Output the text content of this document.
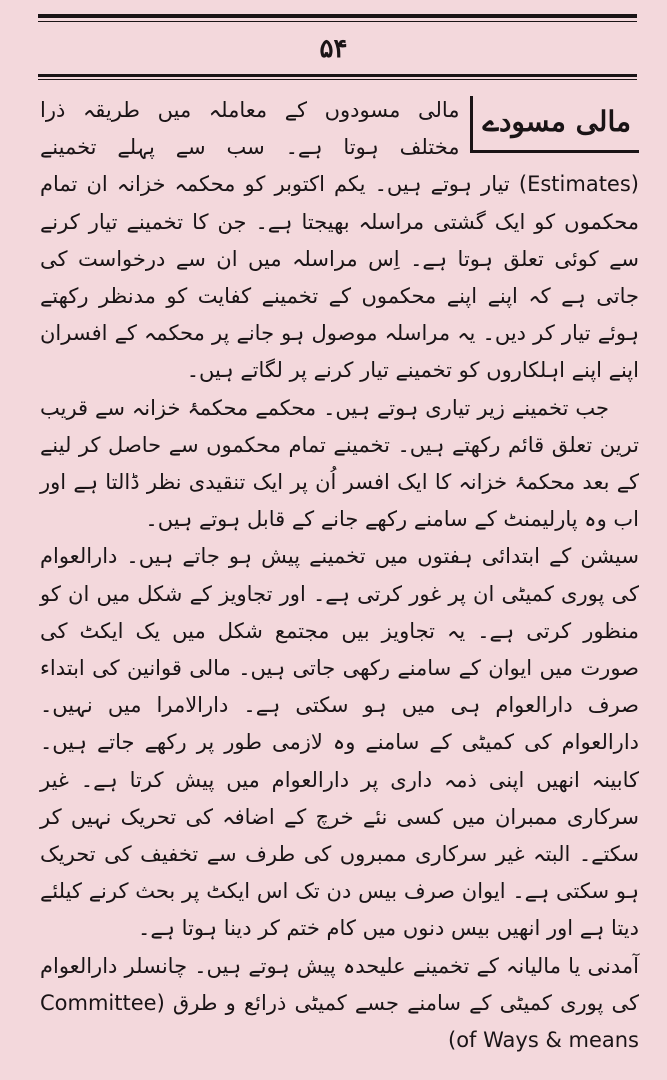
۵۴
مالی مسودے

مالی مسودوں کے معاملہ میں طریقہ ذرا مختلف ہوتا ہے۔ سب سے پہلے تخمینے (Estimates) تیار ہوتے ہیں۔ یکم اکتوبر کو محکمہ خزانہ ان تمام محکموں کو ایک گشتی مراسلہ بھیجتا ہے۔ جن کا تخمینے تیار کرنے سے کوئی تعلق ہوتا ہے۔ اِس مراسلہ میں ان سے درخواست کی جاتی ہے کہ اپنے اپنے محکموں کے تخمینے کفایت کو مدنظر رکھتے ہوئے تیار کر دیں۔ یہ مراسلہ موصول ہو جانے پر محکمہ کے افسران اپنے اپنے اہلکاروں کو تخمینے تیار کرنے پر لگاتے ہیں۔

جب تخمینے زیر تیاری ہوتے ہیں۔ محکمے محکمۂ خزانہ سے قریب ترین تعلق قائم رکھتے ہیں۔ تخمینے تمام محکموں سے حاصل کر لینے کے بعد محکمۂ خزانہ کا ایک افسر اُن پر ایک تنقیدی نظر ڈالتا ہے اور اب وہ پارلیمنٹ کے سامنے رکھے جانے کے قابل ہوتے ہیں۔

سیشن کے ابتدائی ہفتوں میں تخمینے پیش ہو جاتے ہیں۔ دارالعوام کی پوری کمیٹی ان پر غور کرتی ہے۔ اور تجاویز کے شکل میں ان کو منظور کرتی ہے۔ یہ تجاویز بیں مجتمع شکل میں یک ایکٹ کی صورت میں ایوان کے سامنے رکھی جاتی ہیں۔ مالی قوانین کی ابتداء صرف دارالعوام ہی میں ہو سکتی ہے۔ دارالامرا میں نہیں۔ دارالعوام کی کمیٹی کے سامنے وہ لازمی طور پر رکھے جاتے ہیں۔ کابینہ انھیں اپنی ذمہ داری پر دارالعوام میں پیش کرتا ہے۔ غیر سرکاری ممبران میں کسی نئے خرچ کے اضافہ کی تحریک نہیں کر سکتے۔ البتہ غیر سرکاری ممبروں کی طرف سے تخفیف کی تحریک ہو سکتی ہے۔ ایوان صرف بیس دن تک اس ایکٹ پر بحث کرنے کیلئے دیتا ہے اور انھیں بیس دنوں میں کام ختم کر دینا ہوتا ہے۔

آمدنی یا مالیانہ کے تخمینے علیحدہ پیش ہوتے ہیں۔ چانسلر دارالعوام کی پوری کمیٹی کے سامنے جسے کمیٹی ذرائع و طرق (Committee of Ways & means)
